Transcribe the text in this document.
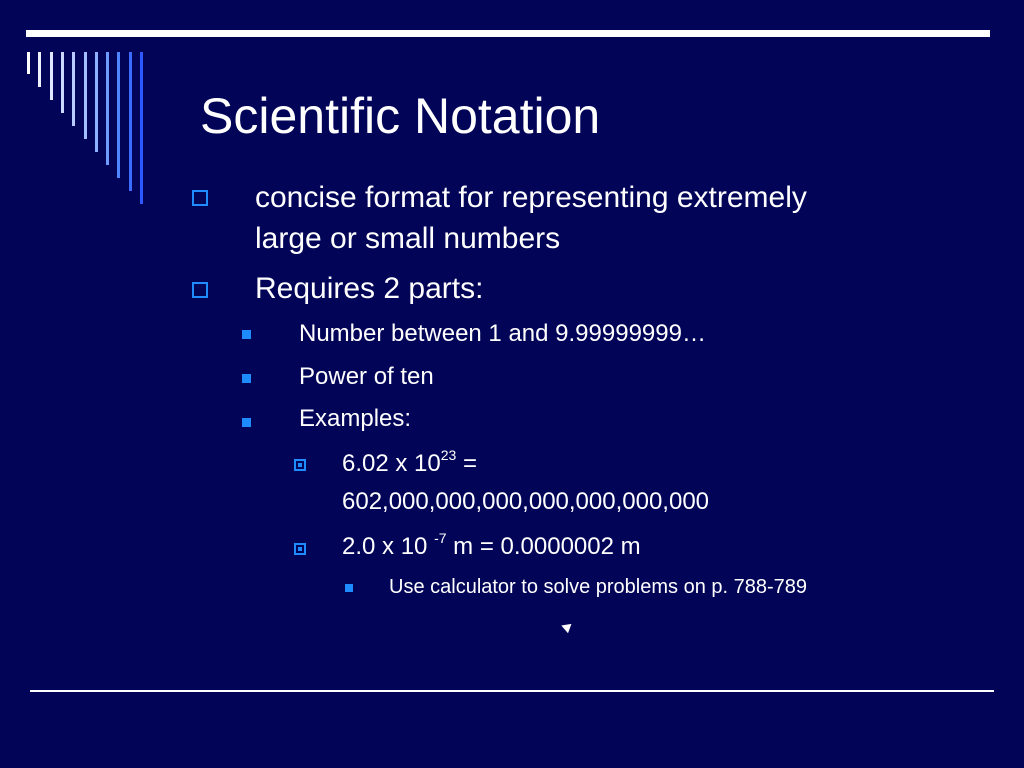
Scientific Notation
concise format for representing extremely
large or small numbers
Requires 2 parts:
Number between 1 and 9.99999999…
Power of ten
Examples:
6.02 x $10^{23}$ =
602,000,000,000,000,000,000,000
2.0 x 10 $^{-7}$ m = 0.0000002 m
Use calculator to solve problems on p. 788-789
